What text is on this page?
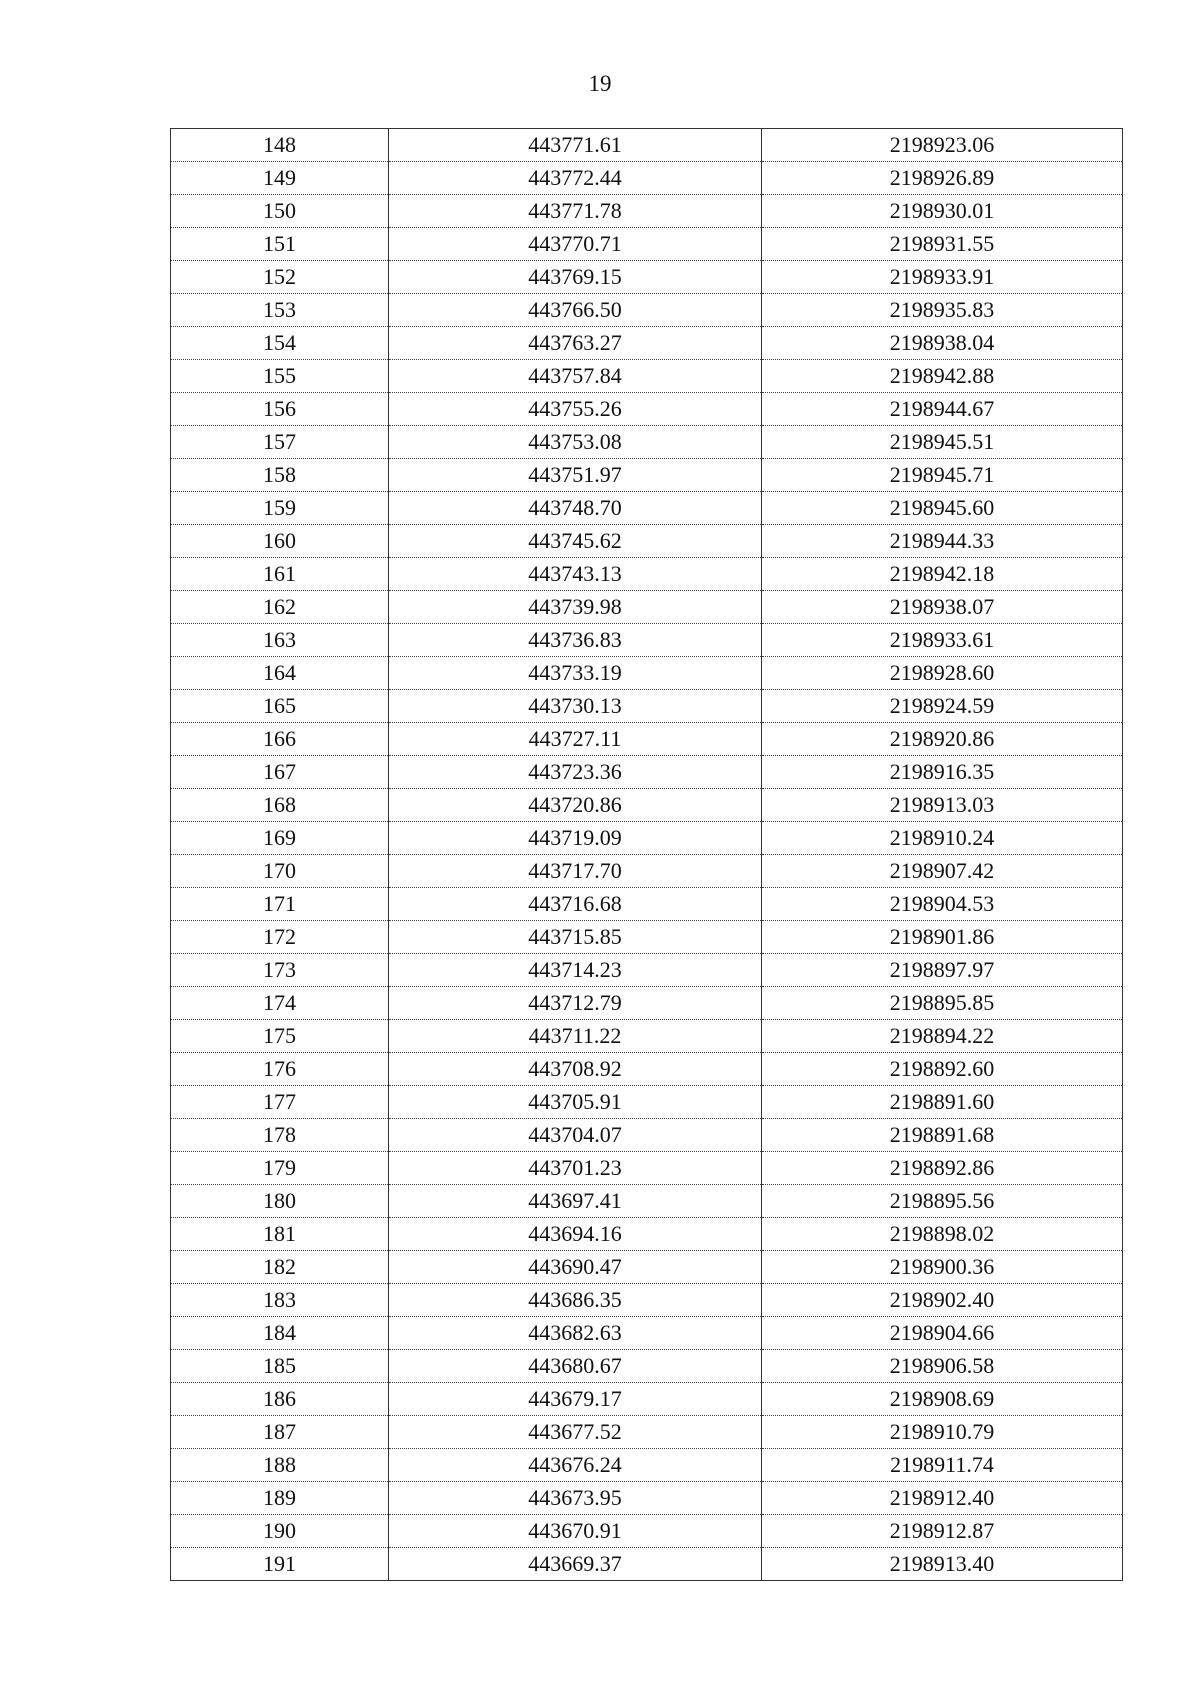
19
148	443771.61	2198923.06
149	443772.44	2198926.89
150	443771.78	2198930.01
151	443770.71	2198931.55
152	443769.15	2198933.91
153	443766.50	2198935.83
154	443763.27	2198938.04
155	443757.84	2198942.88
156	443755.26	2198944.67
157	443753.08	2198945.51
158	443751.97	2198945.71
159	443748.70	2198945.60
160	443745.62	2198944.33
161	443743.13	2198942.18
162	443739.98	2198938.07
163	443736.83	2198933.61
164	443733.19	2198928.60
165	443730.13	2198924.59
166	443727.11	2198920.86
167	443723.36	2198916.35
168	443720.86	2198913.03
169	443719.09	2198910.24
170	443717.70	2198907.42
171	443716.68	2198904.53
172	443715.85	2198901.86
173	443714.23	2198897.97
174	443712.79	2198895.85
175	443711.22	2198894.22
176	443708.92	2198892.60
177	443705.91	2198891.60
178	443704.07	2198891.68
179	443701.23	2198892.86
180	443697.41	2198895.56
181	443694.16	2198898.02
182	443690.47	2198900.36
183	443686.35	2198902.40
184	443682.63	2198904.66
185	443680.67	2198906.58
186	443679.17	2198908.69
187	443677.52	2198910.79
188	443676.24	2198911.74
189	443673.95	2198912.40
190	443670.91	2198912.87
191	443669.37	2198913.40
